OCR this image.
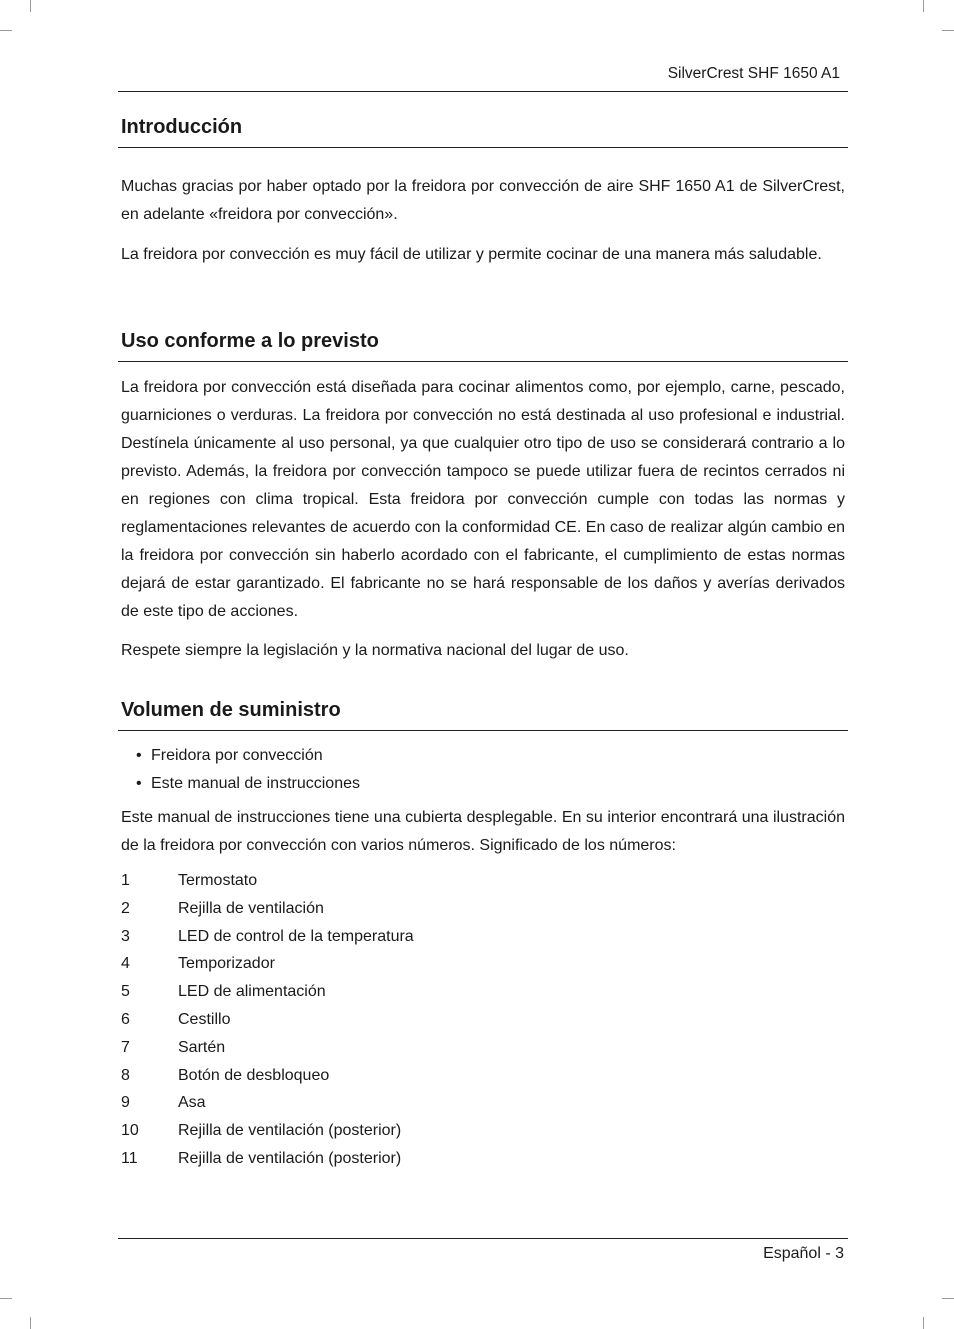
SilverCrest SHF 1650 A1
Introducción

Muchas gracias por haber optado por la freidora por convección de aire SHF 1650 A1 de SilverCrest, en adelante «freidora por convección».

La freidora por convección es muy fácil de utilizar y permite cocinar de una manera más saludable.

Uso conforme a lo previsto

La freidora por convección está diseñada para cocinar alimentos como, por ejemplo, carne, pescado, guarniciones o verduras. La freidora por convección no está destinada al uso profesional e industrial. Destínela únicamente al uso personal, ya que cualquier otro tipo de uso se considerará contrario a lo previsto. Además, la freidora por convección tampoco se puede utilizar fuera de recintos cerrados ni en regiones con clima tropical. Esta freidora por convección cumple con todas las normas y reglamentaciones relevantes de acuerdo con la conformidad CE. En caso de realizar algún cambio en la freidora por convección sin haberlo acordado con el fabricante, el cumplimiento de estas normas dejará de estar garantizado. El fabricante no se hará responsable de los daños y averías derivados de este tipo de acciones.

Respete siempre la legislación y la normativa nacional del lugar de uso.

Volumen de suministro
• Freidora por convección
• Este manual de instrucciones

Este manual de instrucciones tiene una cubierta desplegable. En su interior encontrará una ilustración de la freidora por convección con varios números. Significado de los números:

1	Termostato
2	Rejilla de ventilación
3	LED de control de la temperatura
4	Temporizador
5	LED de alimentación
6	Cestillo
7	Sartén
8	Botón de desbloqueo
9	Asa
10 Rejilla de ventilación (posterior)
11	Rejilla de ventilación (posterior)
Español - 3
